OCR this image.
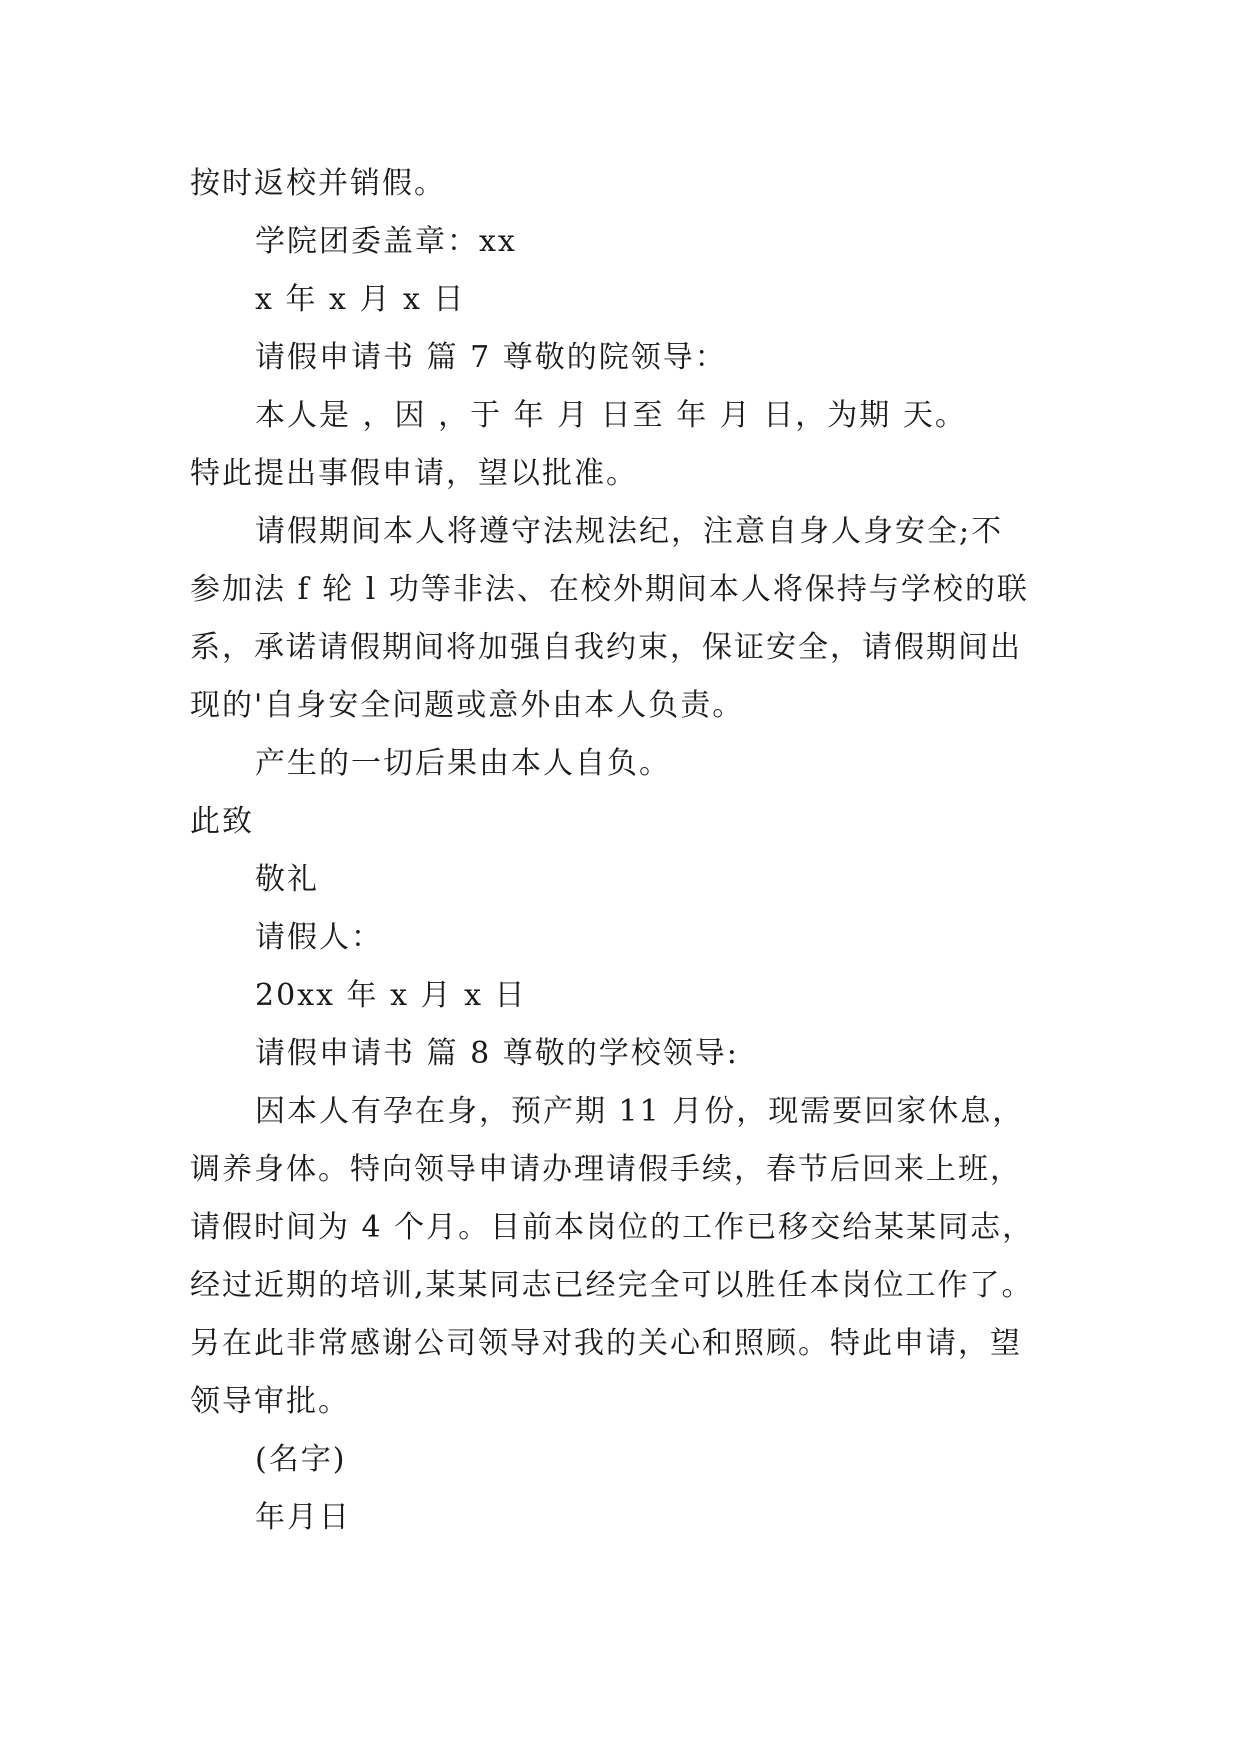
按时返校并销假。
学院团委盖章：xx
x 年 x 月 x 日
请假申请书 篇 7 尊敬的院领导：
本人是 ，因 ，于 年 月 日至 年 月 日，为期 天。
特此提出事假申请，望以批准。
请假期间本人将遵守法规法纪，注意自身人身安全;不
参加法 f 轮 l 功等非法、在校外期间本人将保持与学校的联
系，承诺请假期间将加强自我约束，保证安全，请假期间出
现的'自身安全问题或意外由本人负责。
产生的一切后果由本人自负。
此致
敬礼
请假人：
20xx 年 x 月 x 日
请假申请书 篇 8 尊敬的学校领导:
因本人有孕在身，预产期 11 月份，现需要回家休息，
调养身体。特向领导申请办理请假手续，春节后回来上班，
请假时间为 4 个月。目前本岗位的工作已移交给某某同志，
经过近期的培训,某某同志已经完全可以胜任本岗位工作了。
另在此非常感谢公司领导对我的关心和照顾。特此申请，望
领导审批。
(名字)
年月日
